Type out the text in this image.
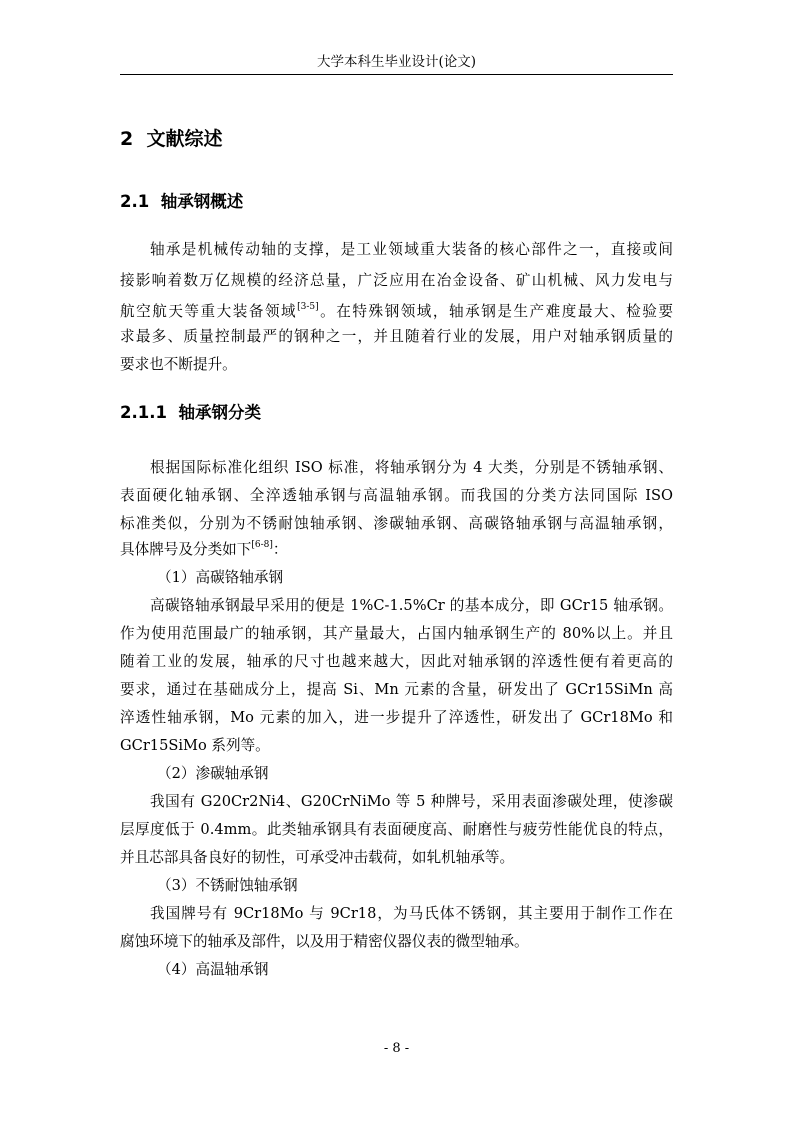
大学本科生毕业设计(论文)
2 文献综述
2.1 轴承钢概述
轴承是机械传动轴的支撑，是工业领域重大装备的核心部件之一，直接或间
接影响着数万亿规模的经济总量，广泛应用在冶金设备、矿山机械、风力发电与
航空航天等重大装备领域[3-5]。在特殊钢领域，轴承钢是生产难度最大、检验要
求最多、质量控制最严的钢种之一，并且随着行业的发展，用户对轴承钢质量的
要求也不断提升。
2.1.1 轴承钢分类
根据国际标准化组织 ISO 标准，将轴承钢分为 4 大类，分别是不锈轴承钢、
表面硬化轴承钢、全淬透轴承钢与高温轴承钢。而我国的分类方法同国际 ISO
标准类似，分别为不锈耐蚀轴承钢、渗碳轴承钢、高碳铬轴承钢与高温轴承钢，
具体牌号及分类如下[6-8]：
（1）高碳铬轴承钢
高碳铬轴承钢最早采用的便是 1%C-1.5%Cr 的基本成分，即 GCr15 轴承钢。
作为使用范围最广的轴承钢，其产量最大，占国内轴承钢生产的 80%以上。并且
随着工业的发展，轴承的尺寸也越来越大，因此对轴承钢的淬透性便有着更高的
要求，通过在基础成分上，提高 Si、Mn 元素的含量，研发出了 GCr15SiMn 高
淬透性轴承钢，Mo 元素的加入，进一步提升了淬透性，研发出了 GCr18Mo 和
GCr15SiMo 系列等。
（2）渗碳轴承钢
我国有 G20Cr2Ni4、G20CrNiMo 等 5 种牌号，采用表面渗碳处理，使渗碳
层厚度低于 0.4mm。此类轴承钢具有表面硬度高、耐磨性与疲劳性能优良的特点，
并且芯部具备良好的韧性，可承受冲击载荷，如轧机轴承等。
（3）不锈耐蚀轴承钢
我国牌号有 9Cr18Mo 与 9Cr18，为马氏体不锈钢，其主要用于制作工作在
腐蚀环境下的轴承及部件，以及用于精密仪器仪表的微型轴承。
（4）高温轴承钢
- 8 -
